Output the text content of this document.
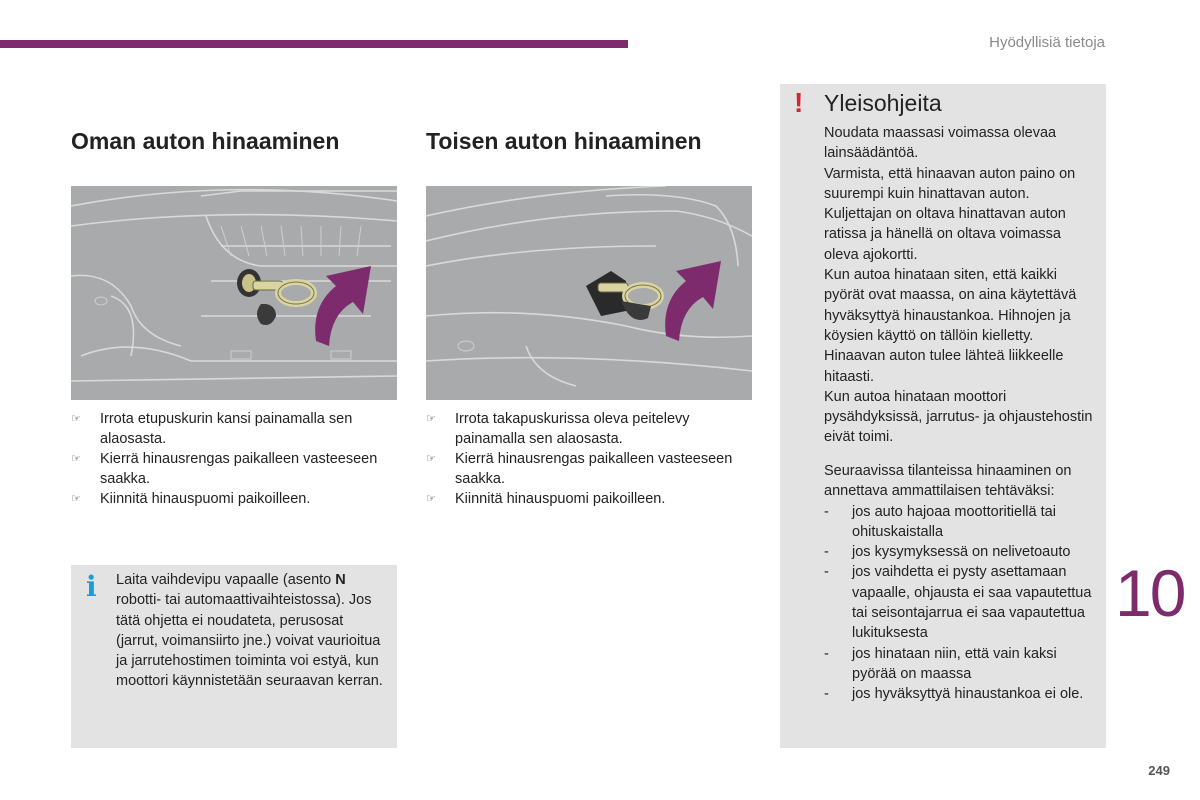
Hyödyllisiä tietoja
Oman auton hinaaminen
☞ Irrota etupuskurin kansi painamalla sen alaosasta.
☞ Kierrä hinausrengas paikalleen vasteeseen saakka.
☞ Kiinnitä hinauspuomi paikoilleen.
i Laita vaihdevipu vapaalle (asento N robotti- tai automaattivaihteistossa). Jos tätä ohjetta ei noudateta, perusosat (jarrut, voimansiirto jne.) voivat vaurioitua ja jarrutehostimen toiminta voi estyä, kun moottori käynnistetään seuraavan kerran.
Toisen auton hinaaminen
☞ Irrota takapuskurissa oleva peitelevy painamalla sen alaosasta.
☞ Kierrä hinausrengas paikalleen vasteeseen saakka.
☞ Kiinnitä hinauspuomi paikoilleen.
! Yleisohjeita
Noudata maassasi voimassa olevaa lainsäädäntöä.
Varmista, että hinaavan auton paino on suurempi kuin hinattavan auton.
Kuljettajan on oltava hinattavan auton ratissa ja hänellä on oltava voimassa oleva ajokortti.
Kun autoa hinataan siten, että kaikki pyörät ovat maassa, on aina käytettävä hyväksyttyä hinaustankoa. Hihnojen ja köysien käyttö on tällöin kielletty.
Hinaavan auton tulee lähteä liikkeelle hitaasti.
Kun autoa hinataan moottori pysähdyksissä, jarrutus- ja ohjaustehostin eivät toimi.
Seuraavissa tilanteissa hinaaminen on annettava ammattilaisen tehtäväksi:
- jos auto hajoaa moottoritiellä tai ohituskaistalla
- jos kysymyksessä on nelivetoauto
- jos vaihdetta ei pysty asettamaan vapaalle, ohjausta ei saa vapautettua tai seisontajarrua ei saa vapautettua lukituksesta
- jos hinataan niin, että vain kaksi pyörää on maassa
- jos hyväksyttyä hinaustankoa ei ole.
10
249
